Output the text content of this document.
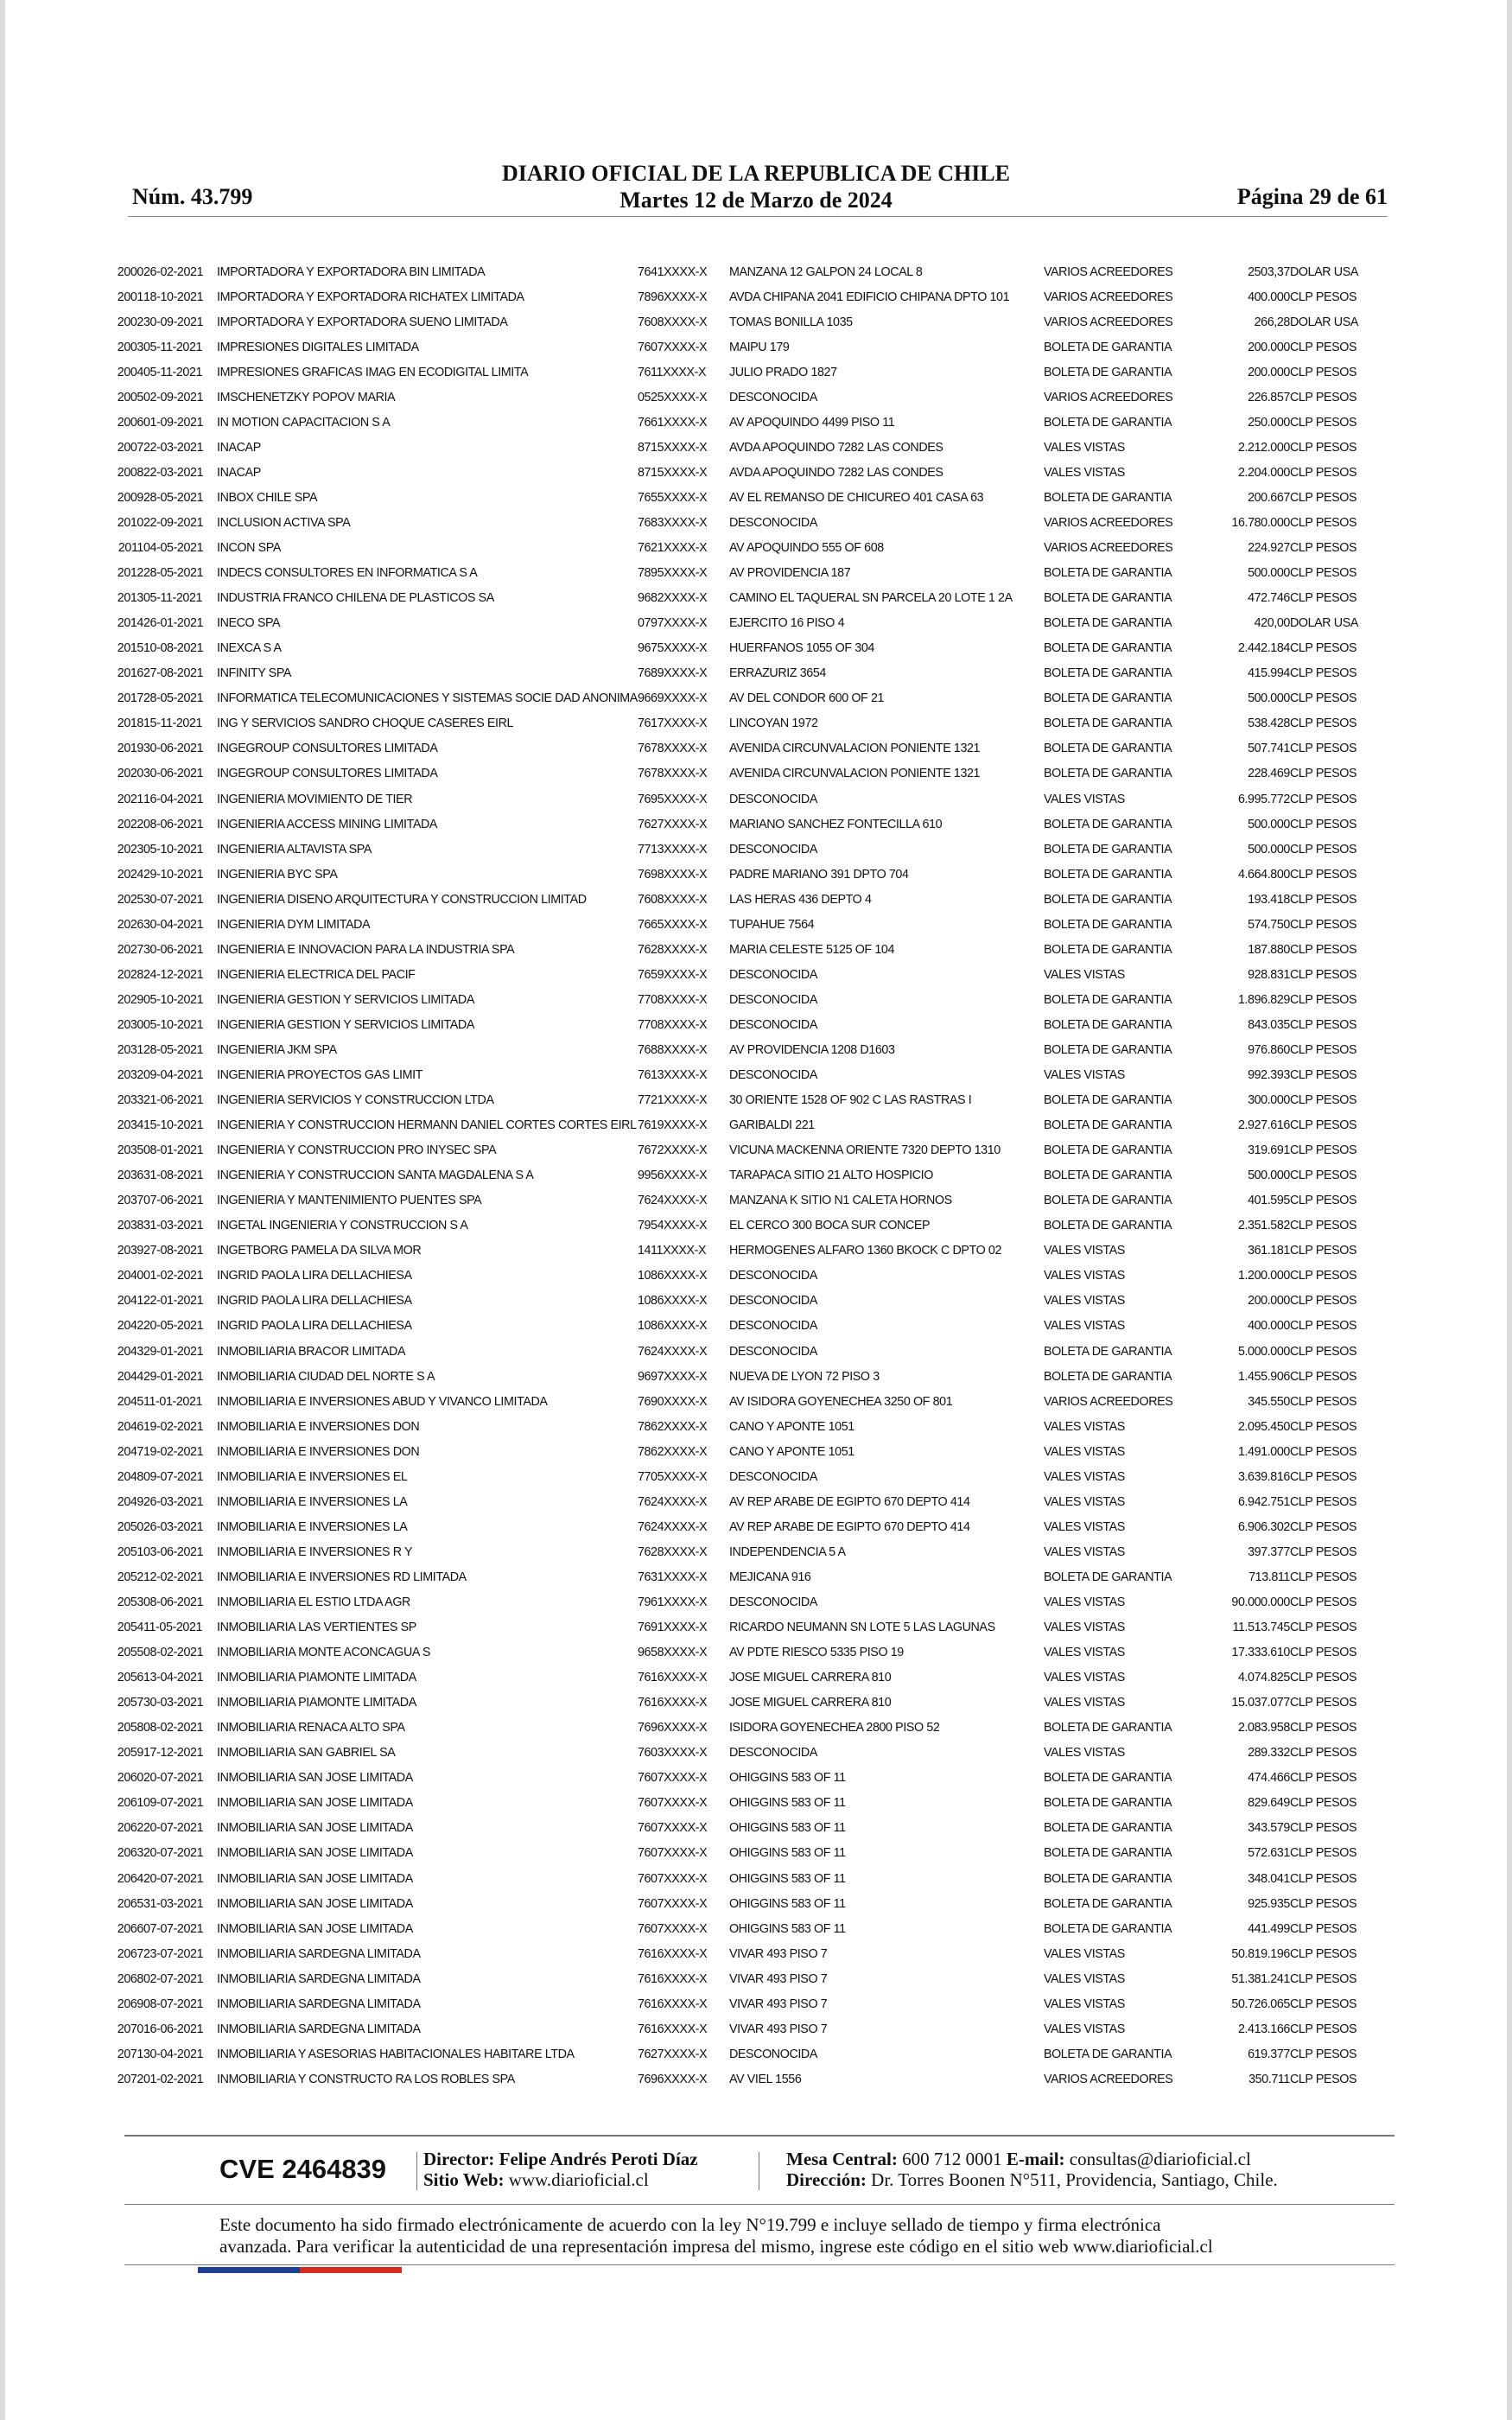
Núm. 43.799
DIARIO OFICIAL DE LA REPUBLICA DE CHILE
Martes 12 de Marzo de 2024	Página 29 de 61
2000	26-02-2021	IMPORTADORA Y EXPORTADORA BIN LIMITADA	7641XXXX-X	MANZANA 12 GALPON 24 LOCAL 8	VARIOS ACREEDORES	2503,37	DOLAR USA
2001	18-10-2021	IMPORTADORA Y EXPORTADORA RICHATEX LIMITADA	7896XXXX-X	AVDA CHIPANA 2041 EDIFICIO CHIPANA DPTO 101	VARIOS ACREEDORES	400.000	CLP PESOS
2002	30-09-2021	IMPORTADORA Y EXPORTADORA SUENO LIMITADA	7608XXXX-X	TOMAS BONILLA 1035	VARIOS ACREEDORES	266,28	DOLAR USA
2003	05-11-2021	IMPRESIONES DIGITALES LIMITADA	7607XXXX-X	MAIPU 179	BOLETA DE GARANTIA	200.000	CLP PESOS
2004	05-11-2021	IMPRESIONES GRAFICAS IMAG EN ECODIGITAL LIMITA	7611XXXX-X	JULIO PRADO 1827	BOLETA DE GARANTIA	200.000	CLP PESOS
2005	02-09-2021	IMSCHENETZKY POPOV MARIA	0525XXXX-X	DESCONOCIDA	VARIOS ACREEDORES	226.857	CLP PESOS
2006	01-09-2021	IN MOTION CAPACITACION S A	7661XXXX-X	AV APOQUINDO 4499 PISO 11	BOLETA DE GARANTIA	250.000	CLP PESOS
2007	22-03-2021	INACAP	8715XXXX-X	AVDA APOQUINDO 7282 LAS CONDES	VALES VISTAS	2.212.000	CLP PESOS
2008	22-03-2021	INACAP	8715XXXX-X	AVDA APOQUINDO 7282 LAS CONDES	VALES VISTAS	2.204.000	CLP PESOS
2009	28-05-2021	INBOX CHILE SPA	7655XXXX-X	AV EL REMANSO DE CHICUREO 401 CASA 63	BOLETA DE GARANTIA	200.667	CLP PESOS
2010	22-09-2021	INCLUSION ACTIVA SPA	7683XXXX-X	DESCONOCIDA	VARIOS ACREEDORES	16.780.000	CLP PESOS
2011	04-05-2021	INCON SPA	7621XXXX-X	AV APOQUINDO 555 OF 608	VARIOS ACREEDORES	224.927	CLP PESOS
2012	28-05-2021	INDECS CONSULTORES EN INFORMATICA S A	7895XXXX-X	AV PROVIDENCIA 187	BOLETA DE GARANTIA	500.000	CLP PESOS
2013	05-11-2021	INDUSTRIA FRANCO CHILENA DE PLASTICOS SA	9682XXXX-X	CAMINO EL TAQUERAL SN PARCELA 20 LOTE 1 2A	BOLETA DE GARANTIA	472.746	CLP PESOS
2014	26-01-2021	INECO SPA	0797XXXX-X	EJERCITO 16 PISO 4	BOLETA DE GARANTIA	420,00	DOLAR USA
2015	10-08-2021	INEXCA S A	9675XXXX-X	HUERFANOS 1055 OF 304	BOLETA DE GARANTIA	2.442.184	CLP PESOS
2016	27-08-2021	INFINITY SPA	7689XXXX-X	ERRAZURIZ 3654	BOLETA DE GARANTIA	415.994	CLP PESOS
2017	28-05-2021	INFORMATICA TELECOMUNICACIONES Y SISTEMAS SOCIE DAD ANONIMA	9669XXXX-X	AV DEL CONDOR 600 OF 21	BOLETA DE GARANTIA	500.000	CLP PESOS
2018	15-11-2021	ING Y SERVICIOS SANDRO CHOQUE CASERES EIRL	7617XXXX-X	LINCOYAN 1972	BOLETA DE GARANTIA	538.428	CLP PESOS
2019	30-06-2021	INGEGROUP CONSULTORES LIMITADA	7678XXXX-X	AVENIDA CIRCUNVALACION PONIENTE 1321	BOLETA DE GARANTIA	507.741	CLP PESOS
2020	30-06-2021	INGEGROUP CONSULTORES LIMITADA	7678XXXX-X	AVENIDA CIRCUNVALACION PONIENTE 1321	BOLETA DE GARANTIA	228.469	CLP PESOS
2021	16-04-2021	INGENIERIA MOVIMIENTO DE TIER	7695XXXX-X	DESCONOCIDA	VALES VISTAS	6.995.772	CLP PESOS
2022	08-06-2021	INGENIERIA ACCESS MINING LIMITADA	7627XXXX-X	MARIANO SANCHEZ FONTECILLA 610	BOLETA DE GARANTIA	500.000	CLP PESOS
2023	05-10-2021	INGENIERIA ALTAVISTA SPA	7713XXXX-X	DESCONOCIDA	BOLETA DE GARANTIA	500.000	CLP PESOS
2024	29-10-2021	INGENIERIA BYC SPA	7698XXXX-X	PADRE MARIANO 391 DPTO 704	BOLETA DE GARANTIA	4.664.800	CLP PESOS
2025	30-07-2021	INGENIERIA DISENO ARQUITECTURA Y CONSTRUCCION LIMITAD	7608XXXX-X	LAS HERAS 436 DEPTO 4	BOLETA DE GARANTIA	193.418	CLP PESOS
2026	30-04-2021	INGENIERIA DYM LIMITADA	7665XXXX-X	TUPAHUE 7564	BOLETA DE GARANTIA	574.750	CLP PESOS
2027	30-06-2021	INGENIERIA E INNOVACION PARA LA INDUSTRIA SPA	7628XXXX-X	MARIA CELESTE 5125 OF 104	BOLETA DE GARANTIA	187.880	CLP PESOS
2028	24-12-2021	INGENIERIA ELECTRICA DEL PACIF	7659XXXX-X	DESCONOCIDA	VALES VISTAS	928.831	CLP PESOS
2029	05-10-2021	INGENIERIA GESTION Y SERVICIOS LIMITADA	7708XXXX-X	DESCONOCIDA	BOLETA DE GARANTIA	1.896.829	CLP PESOS
2030	05-10-2021	INGENIERIA GESTION Y SERVICIOS LIMITADA	7708XXXX-X	DESCONOCIDA	BOLETA DE GARANTIA	843.035	CLP PESOS
2031	28-05-2021	INGENIERIA JKM SPA	7688XXXX-X	AV PROVIDENCIA 1208 D1603	BOLETA DE GARANTIA	976.860	CLP PESOS
2032	09-04-2021	INGENIERIA PROYECTOS GAS LIMIT	7613XXXX-X	DESCONOCIDA	VALES VISTAS	992.393	CLP PESOS
2033	21-06-2021	INGENIERIA SERVICIOS Y CONSTRUCCION LTDA	7721XXXX-X	30 ORIENTE 1528 OF 902 C LAS RASTRAS I	BOLETA DE GARANTIA	300.000	CLP PESOS
2034	15-10-2021	INGENIERIA Y CONSTRUCCION HERMANN DANIEL CORTES CORTES EIRL	7619XXXX-X	GARIBALDI 221	BOLETA DE GARANTIA	2.927.616	CLP PESOS
2035	08-01-2021	INGENIERIA Y CONSTRUCCION PRO INYSEC SPA	7672XXXX-X	VICUNA MACKENNA ORIENTE 7320 DEPTO 1310	BOLETA DE GARANTIA	319.691	CLP PESOS
2036	31-08-2021	INGENIERIA Y CONSTRUCCION SANTA MAGDALENA S A	9956XXXX-X	TARAPACA SITIO 21 ALTO HOSPICIO	BOLETA DE GARANTIA	500.000	CLP PESOS
2037	07-06-2021	INGENIERIA Y MANTENIMIENTO PUENTES SPA	7624XXXX-X	MANZANA K SITIO N1 CALETA HORNOS	BOLETA DE GARANTIA	401.595	CLP PESOS
2038	31-03-2021	INGETAL INGENIERIA Y CONSTRUCCION S A	7954XXXX-X	EL CERCO 300 BOCA SUR CONCEP	BOLETA DE GARANTIA	2.351.582	CLP PESOS
2039	27-08-2021	INGETBORG PAMELA DA SILVA MOR	1411XXXX-X	HERMOGENES ALFARO 1360 BKOCK C DPTO 02	VALES VISTAS	361.181	CLP PESOS
2040	01-02-2021	INGRID PAOLA LIRA DELLACHIESA	1086XXXX-X	DESCONOCIDA	VALES VISTAS	1.200.000	CLP PESOS
2041	22-01-2021	INGRID PAOLA LIRA DELLACHIESA	1086XXXX-X	DESCONOCIDA	VALES VISTAS	200.000	CLP PESOS
2042	20-05-2021	INGRID PAOLA LIRA DELLACHIESA	1086XXXX-X	DESCONOCIDA	VALES VISTAS	400.000	CLP PESOS
2043	29-01-2021	INMOBILIARIA BRACOR LIMITADA	7624XXXX-X	DESCONOCIDA	BOLETA DE GARANTIA	5.000.000	CLP PESOS
2044	29-01-2021	INMOBILIARIA CIUDAD DEL NORTE S A	9697XXXX-X	NUEVA DE LYON 72 PISO 3	BOLETA DE GARANTIA	1.455.906	CLP PESOS
2045	11-01-2021	INMOBILIARIA E INVERSIONES ABUD Y VIVANCO LIMITADA	7690XXXX-X	AV ISIDORA GOYENECHEA 3250 OF 801	VARIOS ACREEDORES	345.550	CLP PESOS
2046	19-02-2021	INMOBILIARIA E INVERSIONES DON	7862XXXX-X	CANO Y APONTE 1051	VALES VISTAS	2.095.450	CLP PESOS
2047	19-02-2021	INMOBILIARIA E INVERSIONES DON	7862XXXX-X	CANO Y APONTE 1051	VALES VISTAS	1.491.000	CLP PESOS
2048	09-07-2021	INMOBILIARIA E INVERSIONES EL	7705XXXX-X	DESCONOCIDA	VALES VISTAS	3.639.816	CLP PESOS
2049	26-03-2021	INMOBILIARIA E INVERSIONES LA	7624XXXX-X	AV REP ARABE DE EGIPTO 670 DEPTO 414	VALES VISTAS	6.942.751	CLP PESOS
2050	26-03-2021	INMOBILIARIA E INVERSIONES LA	7624XXXX-X	AV REP ARABE DE EGIPTO 670 DEPTO 414	VALES VISTAS	6.906.302	CLP PESOS
2051	03-06-2021	INMOBILIARIA E INVERSIONES R Y	7628XXXX-X	INDEPENDENCIA 5 A	VALES VISTAS	397.377	CLP PESOS
2052	12-02-2021	INMOBILIARIA E INVERSIONES RD LIMITADA	7631XXXX-X	MEJICANA 916	BOLETA DE GARANTIA	713.811	CLP PESOS
2053	08-06-2021	INMOBILIARIA EL ESTIO LTDA AGR	7961XXXX-X	DESCONOCIDA	VALES VISTAS	90.000.000	CLP PESOS
2054	11-05-2021	INMOBILIARIA LAS VERTIENTES SP	7691XXXX-X	RICARDO NEUMANN SN LOTE 5 LAS LAGUNAS	VALES VISTAS	11.513.745	CLP PESOS
2055	08-02-2021	INMOBILIARIA MONTE ACONCAGUA S	9658XXXX-X	AV PDTE RIESCO 5335 PISO 19	VALES VISTAS	17.333.610	CLP PESOS
2056	13-04-2021	INMOBILIARIA PIAMONTE LIMITADA	7616XXXX-X	JOSE MIGUEL CARRERA 810	VALES VISTAS	4.074.825	CLP PESOS
2057	30-03-2021	INMOBILIARIA PIAMONTE LIMITADA	7616XXXX-X	JOSE MIGUEL CARRERA 810	VALES VISTAS	15.037.077	CLP PESOS
2058	08-02-2021	INMOBILIARIA RENACA ALTO SPA	7696XXXX-X	ISIDORA GOYENECHEA 2800 PISO 52	BOLETA DE GARANTIA	2.083.958	CLP PESOS
2059	17-12-2021	INMOBILIARIA SAN GABRIEL SA	7603XXXX-X	DESCONOCIDA	VALES VISTAS	289.332	CLP PESOS
2060	20-07-2021	INMOBILIARIA SAN JOSE LIMITADA	7607XXXX-X	OHIGGINS 583 OF 11	BOLETA DE GARANTIA	474.466	CLP PESOS
2061	09-07-2021	INMOBILIARIA SAN JOSE LIMITADA	7607XXXX-X	OHIGGINS 583 OF 11	BOLETA DE GARANTIA	829.649	CLP PESOS
2062	20-07-2021	INMOBILIARIA SAN JOSE LIMITADA	7607XXXX-X	OHIGGINS 583 OF 11	BOLETA DE GARANTIA	343.579	CLP PESOS
2063	20-07-2021	INMOBILIARIA SAN JOSE LIMITADA	7607XXXX-X	OHIGGINS 583 OF 11	BOLETA DE GARANTIA	572.631	CLP PESOS
2064	20-07-2021	INMOBILIARIA SAN JOSE LIMITADA	7607XXXX-X	OHIGGINS 583 OF 11	BOLETA DE GARANTIA	348.041	CLP PESOS
2065	31-03-2021	INMOBILIARIA SAN JOSE LIMITADA	7607XXXX-X	OHIGGINS 583 OF 11	BOLETA DE GARANTIA	925.935	CLP PESOS
2066	07-07-2021	INMOBILIARIA SAN JOSE LIMITADA	7607XXXX-X	OHIGGINS 583 OF 11	BOLETA DE GARANTIA	441.499	CLP PESOS
2067	23-07-2021	INMOBILIARIA SARDEGNA LIMITADA	7616XXXX-X	VIVAR 493 PISO 7	VALES VISTAS	50.819.196	CLP PESOS
2068	02-07-2021	INMOBILIARIA SARDEGNA LIMITADA	7616XXXX-X	VIVAR 493 PISO 7	VALES VISTAS	51.381.241	CLP PESOS
2069	08-07-2021	INMOBILIARIA SARDEGNA LIMITADA	7616XXXX-X	VIVAR 493 PISO 7	VALES VISTAS	50.726.065	CLP PESOS
2070	16-06-2021	INMOBILIARIA SARDEGNA LIMITADA	7616XXXX-X	VIVAR 493 PISO 7	VALES VISTAS	2.413.166	CLP PESOS
2071	30-04-2021	INMOBILIARIA Y ASESORIAS HABITACIONALES HABITARE LTDA	7627XXXX-X	DESCONOCIDA	BOLETA DE GARANTIA	619.377	CLP PESOS
2072	01-02-2021	INMOBILIARIA Y CONSTRUCTO RA LOS ROBLES SPA	7696XXXX-X	AV VIEL 1556	VARIOS ACREEDORES	350.711	CLP PESOS
CVE 2464839 Director: Felipe Andrés Peroti Díaz
Sitio Web: www.diarioficial.cl
Mesa Central: 600 712 0001 E-mail: consultas@diarioficial.cl
Dirección: Dr. Torres Boonen N°511, Providencia, Santiago, Chile.
Este documento ha sido firmado electrónicamente de acuerdo con la ley N°19.799 e incluye sellado de tiempo y firma electrónica
avanzada. Para verificar la autenticidad de una representación impresa del mismo, ingrese este código en el sitio web www.diarioficial.cl
